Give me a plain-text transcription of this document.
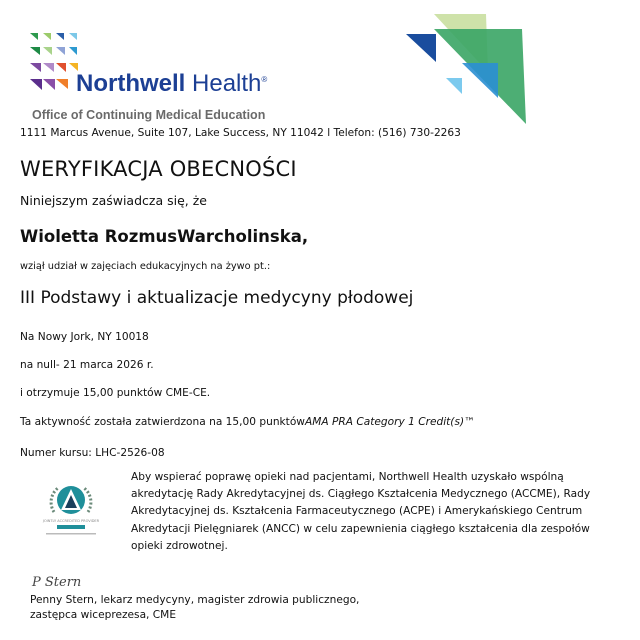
Northwell Health®
Office of Continuing Medical Education
1111 Marcus Avenue, Suite 107, Lake Success, NY 11042 l Telefon: (516) 730-2263
WERYFIKACJA OBECNOŚCI
Niniejszym zaświadcza się, że
Wioletta RozmusWarcholinska,
wziął udział w zajęciach edukacyjnych na żywo pt.:
III Podstawy i aktualizacje medycyny płodowej
Na Nowy Jork, NY 10018
na null- 21 marca 2026 r.
i otrzymuje 15,00 punktów CME-CE.
Ta aktywność została zatwierdzona na 15,00 punktówAMA PRA Category 1 Credit(s)™
Numer kursu: LHC-2526-08
JOINTLY ACCREDITED PROVIDER
Aby wspierać poprawę opieki nad pacjentami, Northwell Health uzyskało wspólną akredytację Rady Akredytacyjnej ds. Ciągłego Kształcenia Medycznego (ACCME), Rady Akredytacyjnej ds. Kształcenia Farmaceutycznego (ACPE) i Amerykańskiego Centrum Akredytacji Pielęgniarek (ANCC) w celu zapewnienia ciągłego kształcenia dla zespołów opieki zdrowotnej.
P Stern
Penny Stern, lekarz medycyny, magister zdrowia publicznego,
zastępca wiceprezesa, CME
